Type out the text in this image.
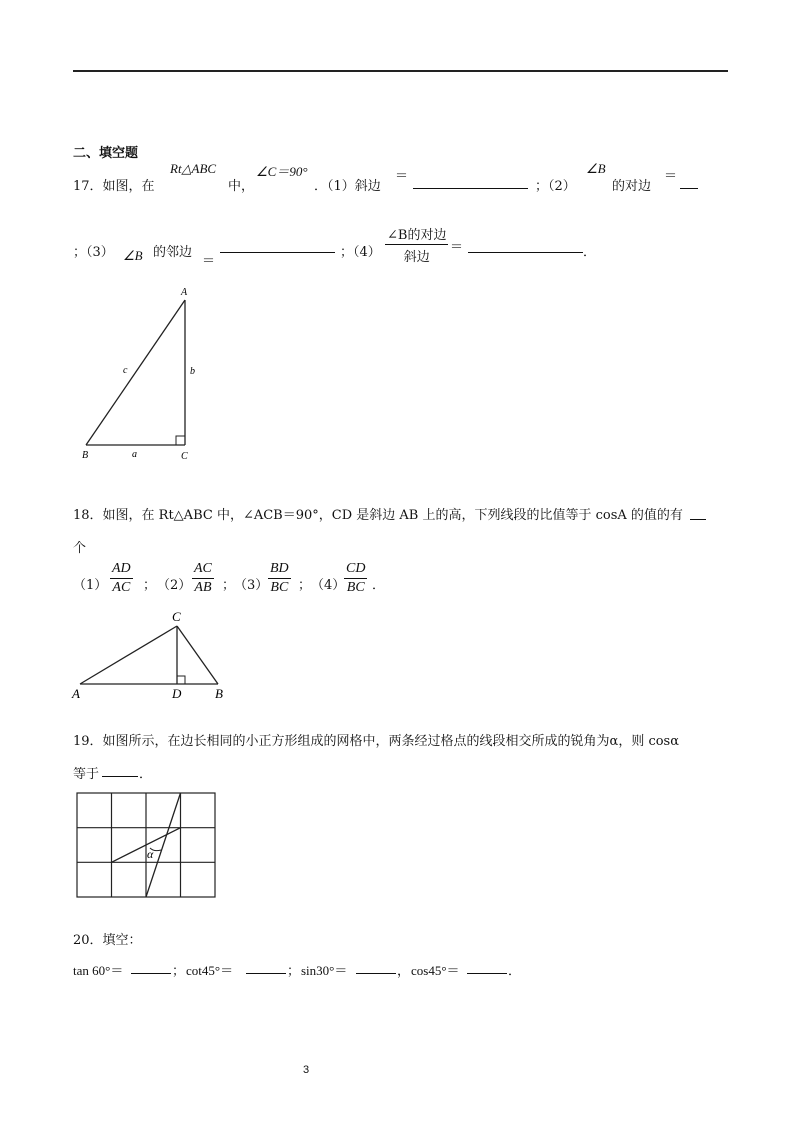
二、填空题
17．如图，在
Rt△ABC
中，
∠C＝90°
．（1）斜边
＝
；（2）
∠B
的对边
＝
；（3） ∠B 的邻边
＝
；（4）
∠B的对边
斜边
＝	．
A
B	C
a
b
c
18．如图，在 Rt△ABC 中，∠ACB＝90°，CD 是斜边 AB 上的高，下列线段的比值等于 cosA 的值的有
个
（1）
AD
AC ； （2）
AC
AB ；
（3）
BD
BC ； （4）
CD
BC ．
C
A	D	B
19．如图所示，在边长相同的小正方形组成的网格中，两条经过格点的线段相交所成的锐角为α，则 cosα
等于	．
α
20．填空：
tan 60°＝	； cot45°＝	； sin30°＝	， cos45°＝	．
3
